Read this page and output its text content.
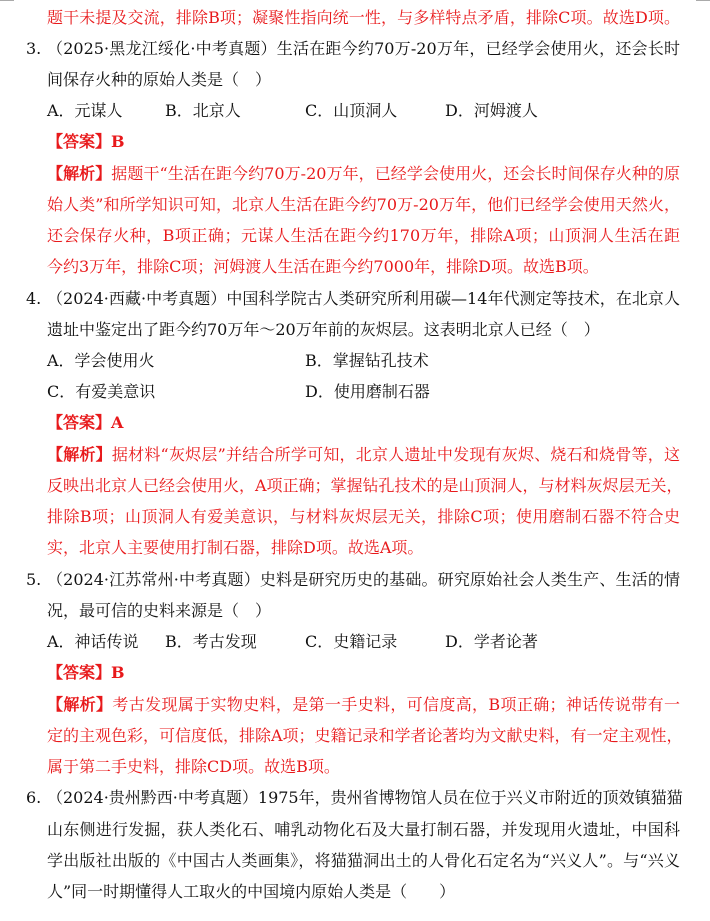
题干未提及交流，排除B项；凝聚性指向统一性，与多样特点矛盾，排除C项。故选D项。
3. （2025·黑龙江绥化·中考真题）生活在距今约70万-20万年，已经学会使用火，还会长时
间保存火种的原始人类是（　）
A．元谋人	B．北京人	C．山顶洞人	D．河姆渡人
【答案】B
【解析】据题干“生活在距今约70万-20万年，已经学会使用火，还会长时间保存火种的原
始人类”和所学知识可知，北京人生活在距今约70万-20万年，他们已经学会使用天然火，
还会保存火种，B项正确；元谋人生活在距今约170万年，排除A项；山顶洞人生活在距
今约3万年，排除C项；河姆渡人生活在距今约7000年，排除D项。故选B项。
4. （2024·西藏·中考真题）中国科学院古人类研究所利用碳—14年代测定等技术，在北京人
遗址中鉴定出了距今约70万年～20万年前的灰烬层。这表明北京人已经（　）
A．学会使用火	B．掌握钻孔技术
C．有爱美意识	D．使用磨制石器
【答案】A
【解析】据材料“灰烬层”并结合所学可知，北京人遗址中发现有灰烬、烧石和烧骨等，这
反映出北京人已经会使用火，A项正确；掌握钻孔技术的是山顶洞人，与材料灰烬层无关，
排除B项；山顶洞人有爱美意识，与材料灰烬层无关，排除C项；使用磨制石器不符合史
实，北京人主要使用打制石器，排除D项。故选A项。
5. （2024·江苏常州·中考真题）史料是研究历史的基础。研究原始社会人类生产、生活的情
况，最可信的史料来源是（　）
A．神话传说 B．考古发现	C．史籍记录	D．学者论著
【答案】B
【解析】考古发现属于实物史料，是第一手史料，可信度高，B项正确；神话传说带有一
定的主观色彩，可信度低，排除A项；史籍记录和学者论著均为文献史料，有一定主观性，
属于第二手史料，排除CD项。故选B项。
6. （2024·贵州黔西·中考真题）1975年，贵州省博物馆人员在位于兴义市附近的顶效镇猫猫
山东侧进行发掘，获人类化石、哺乳动物化石及大量打制石器，并发现用火遗址，中国科
学出版社出版的《中国古人类画集》，将猫猫洞出土的人骨化石定名为“兴义人”。与“兴义
人”同一时期懂得人工取火的中国境内原始人类是（　　）
